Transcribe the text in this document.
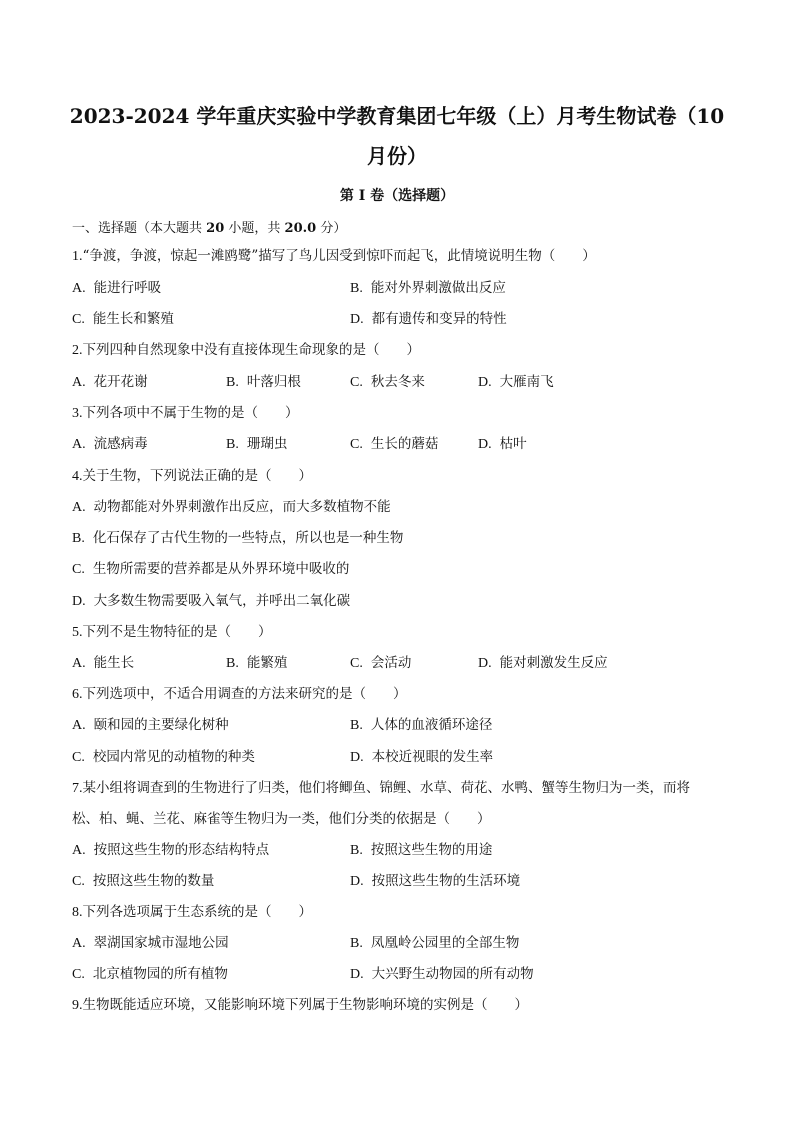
2023-2024 学年重庆实验中学教育集团七年级（上）月考生物试卷（10
月份）
第 I 卷（选择题）
一、选择题（本大题共 20 小题，共 20.0 分）
1.“争渡，争渡，惊起一滩鸥鹭”描写了鸟儿因受到惊吓而起飞，此情境说明生物（　　）
A. 能进行呼吸	B. 能对外界刺激做出反应
C. 能生长和繁殖	D. 都有遗传和变异的特性
2.下列四种自然现象中没有直接体现生命现象的是（　　）
A. 花开花谢	B. 叶落归根	C. 秋去冬来	D. 大雁南飞
3.下列各项中不属于生物的是（　　）
A. 流感病毒	B. 珊瑚虫	C. 生长的蘑菇	D. 枯叶
4.关于生物，下列说法正确的是（　　）
A. 动物都能对外界刺激作出反应，而大多数植物不能
B. 化石保存了古代生物的一些特点，所以也是一种生物
C. 生物所需要的营养都是从外界环境中吸收的
D. 大多数生物需要吸入氧气，并呼出二氧化碳
5.下列不是生物特征的是（　　）
A. 能生长	B. 能繁殖	C. 会活动	D. 能对刺激发生反应
6.下列选项中，不适合用调查的方法来研究的是（　　）
A. 颐和园的主要绿化树种	B. 人体的血液循环途径
C. 校园内常见的动植物的种类	D. 本校近视眼的发生率
7.某小组将调查到的生物进行了归类，他们将鲫鱼、锦鲤、水草、荷花、水鸭、蟹等生物归为一类，而将
松、柏、蝇、兰花、麻雀等生物归为一类，他们分类的依据是（　　）
A. 按照这些生物的形态结构特点	B. 按照这些生物的用途
C. 按照这些生物的数量	D. 按照这些生物的生活环境
8.下列各选项属于生态系统的是（　　）
A. 翠湖国家城市湿地公园	B. 凤凰岭公园里的全部生物
C. 北京植物园的所有植物	D. 大兴野生动物园的所有动物
9.生物既能适应环境，又能影响环境下列属于生物影响环境的实例是（　　）
